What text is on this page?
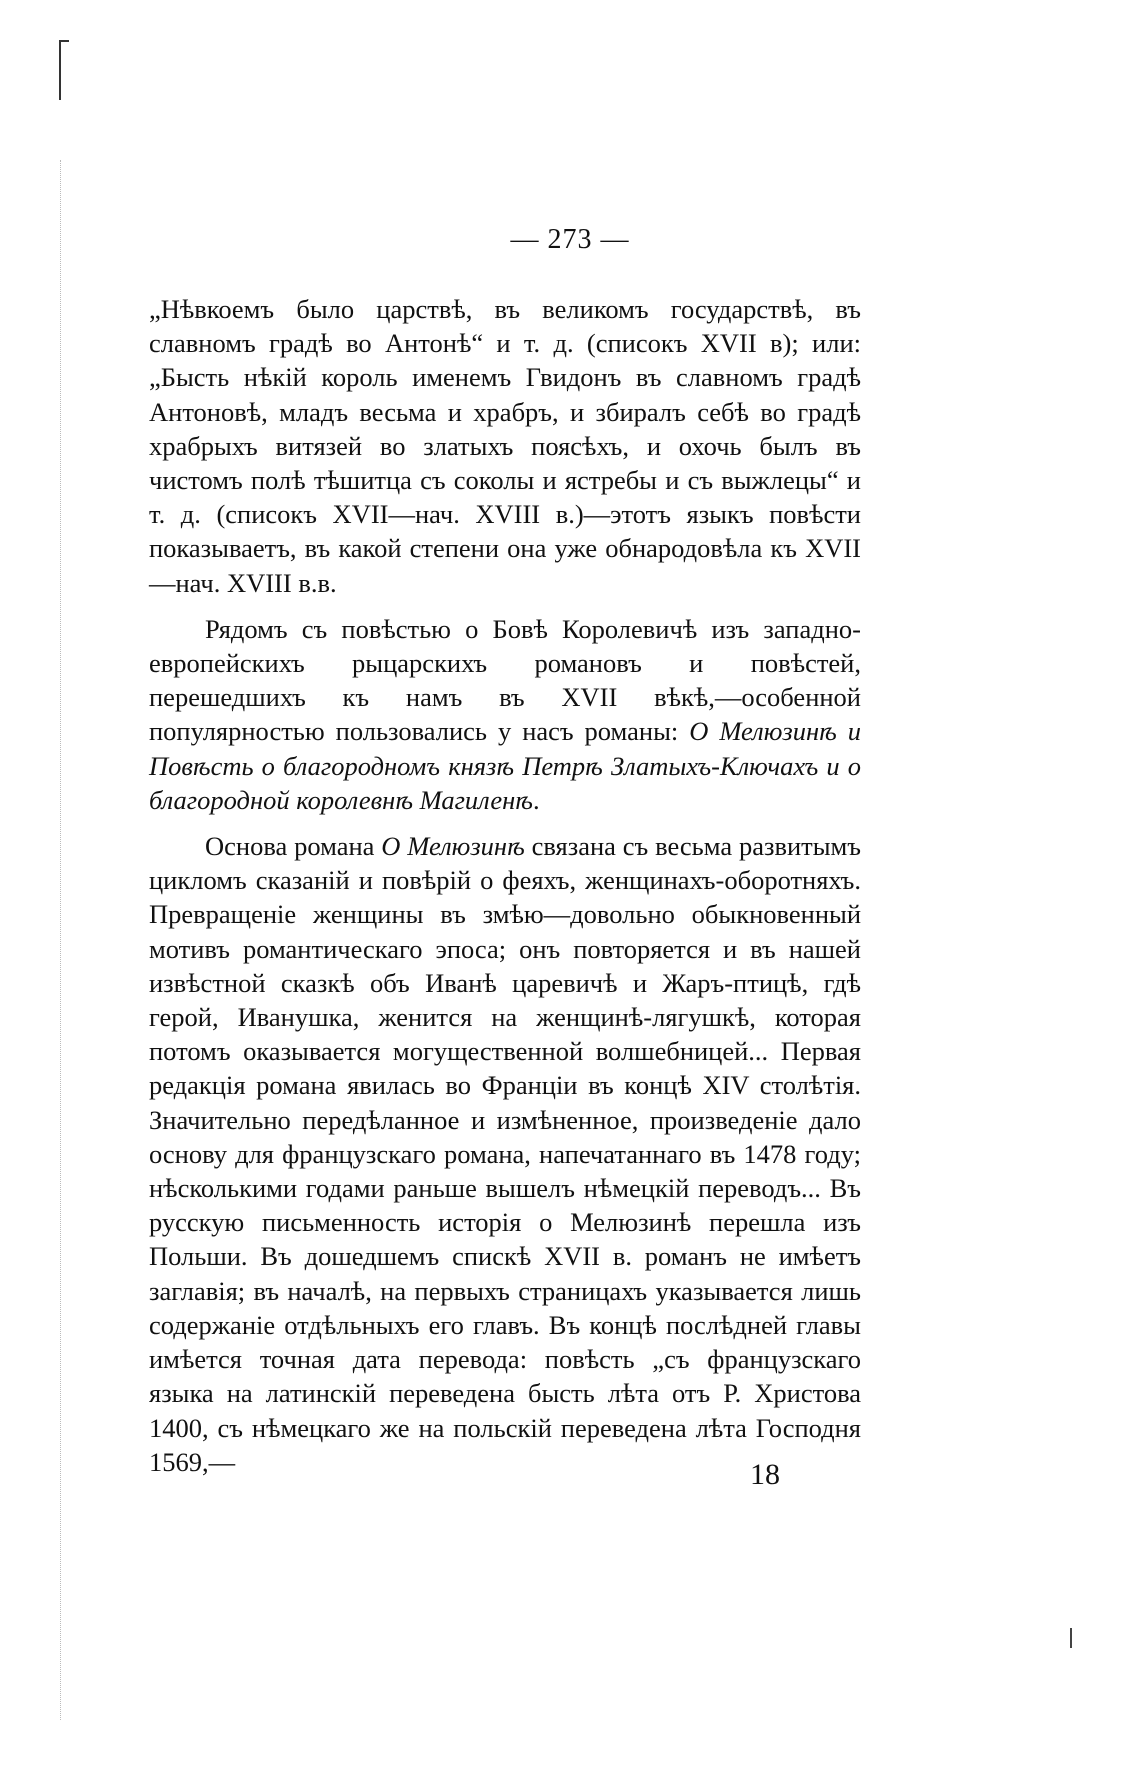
— 273 —

„Нѣвкоемъ было царствѣ, въ великомъ государствѣ, въ славномъ градѣ во Антонѣ“ и т. д. (списокъ XVII в); или: „Бысть нѣкій король именемъ Гвидонъ въ славномъ градѣ Антоновѣ, младъ весьма и храбръ, и збиралъ себѣ во градѣ храбрыхъ витязей во златыхъ поясѣхъ, и охочь былъ въ чистомъ полѣ тѣшитца съ соколы и ястребы и съ выжлецы“ и т. д. (списокъ XVII—нач. XVIII в.)—этотъ языкъ повѣсти показываетъ, въ какой степени она уже обнародовѣла къ XVII—нач. XVIII в.в.

Рядомъ съ повѣстью о Бовѣ Королевичѣ изъ западно-европейскихъ рыцарскихъ романовъ и повѣстей, перешедшихъ къ намъ въ XVII вѣкѣ,—особенной популярностью пользовались у насъ романы: О Мелюзинѣ и Повѣсть о благородномъ князѣ Петрѣ Златыхъ-Ключахъ и о благородной королевнѣ Магиленѣ.

Основа романа О Мелюзинѣ связана съ весьма развитымъ цикломъ сказаній и повѣрій о феяхъ, женщинахъ-оборотняхъ. Превращеніе женщины въ змѣю—довольно обыкновенный мотивъ романтическаго эпоса; онъ повторяется и въ нашей извѣстной сказкѣ объ Иванѣ царевичѣ и Жаръ-птицѣ, гдѣ герой, Иванушка, женится на женщинѣ-лягушкѣ, которая потомъ оказывается могущественной волшебницей... Первая редакція романа явилась во Франціи въ концѣ XIV столѣтія. Значительно передѣланное и измѣненное, произведеніе дало основу для французскаго романа, напечатаннаго въ 1478 году; нѣсколькими годами раньше вышелъ нѣмецкій переводъ... Въ русскую письменность исторія о Мелюзинѣ перешла изъ Польши. Въ дошедшемъ спискѣ XVII в. романъ не имѣетъ заглавія; въ началѣ, на первыхъ страницахъ указывается лишь содержаніе отдѣльныхъ его главъ. Въ концѣ послѣдней главы имѣется точная дата перевода: повѣсть „съ французскаго языка на латинскій переведена бысть лѣта отъ Р. Христова 1400, съ нѣмецкаго же на польскій переведена лѣта Господня 1569,—	18
